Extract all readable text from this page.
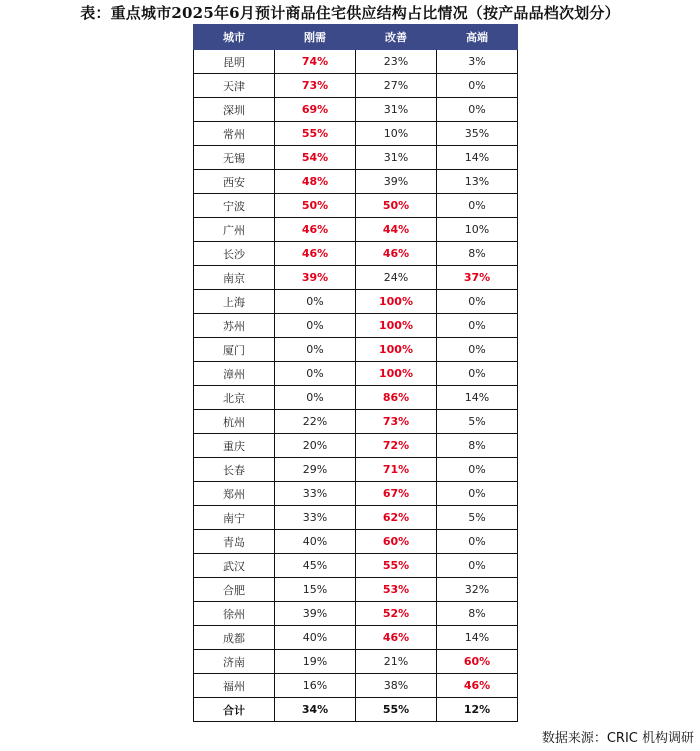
表：重点城市2025年6月预计商品住宅供应结构占比情况（按产品品档次划分）
城市	刚需	改善	高端
昆明	74%	23%	3%
天津	73%	27%	0%
深圳	69%	31%	0%
常州	55%	10%	35%
无锡	54%	31%	14%
西安	48%	39%	13%
宁波	50%	50%	0%
广州	46%	44%	10%
长沙	46%	46%	8%
南京	39%	24%	37%
上海	0%	100%	0%
苏州	0%	100%	0%
厦门	0%	100%	0%
漳州	0%	100%	0%
北京	0%	86%	14%
杭州	22%	73%	5%
重庆	20%	72%	8%
长春	29%	71%	0%
郑州	33%	67%	0%
南宁	33%	62%	5%
青岛	40%	60%	0%
武汉	45%	55%	0%
合肥	15%	53%	32%
徐州	39%	52%	8%
成都	40%	46%	14%
济南	19%	21%	60%
福州	16%	38%	46%
合计	34%	55%	12%
数据来源：CRIC 机构调研
